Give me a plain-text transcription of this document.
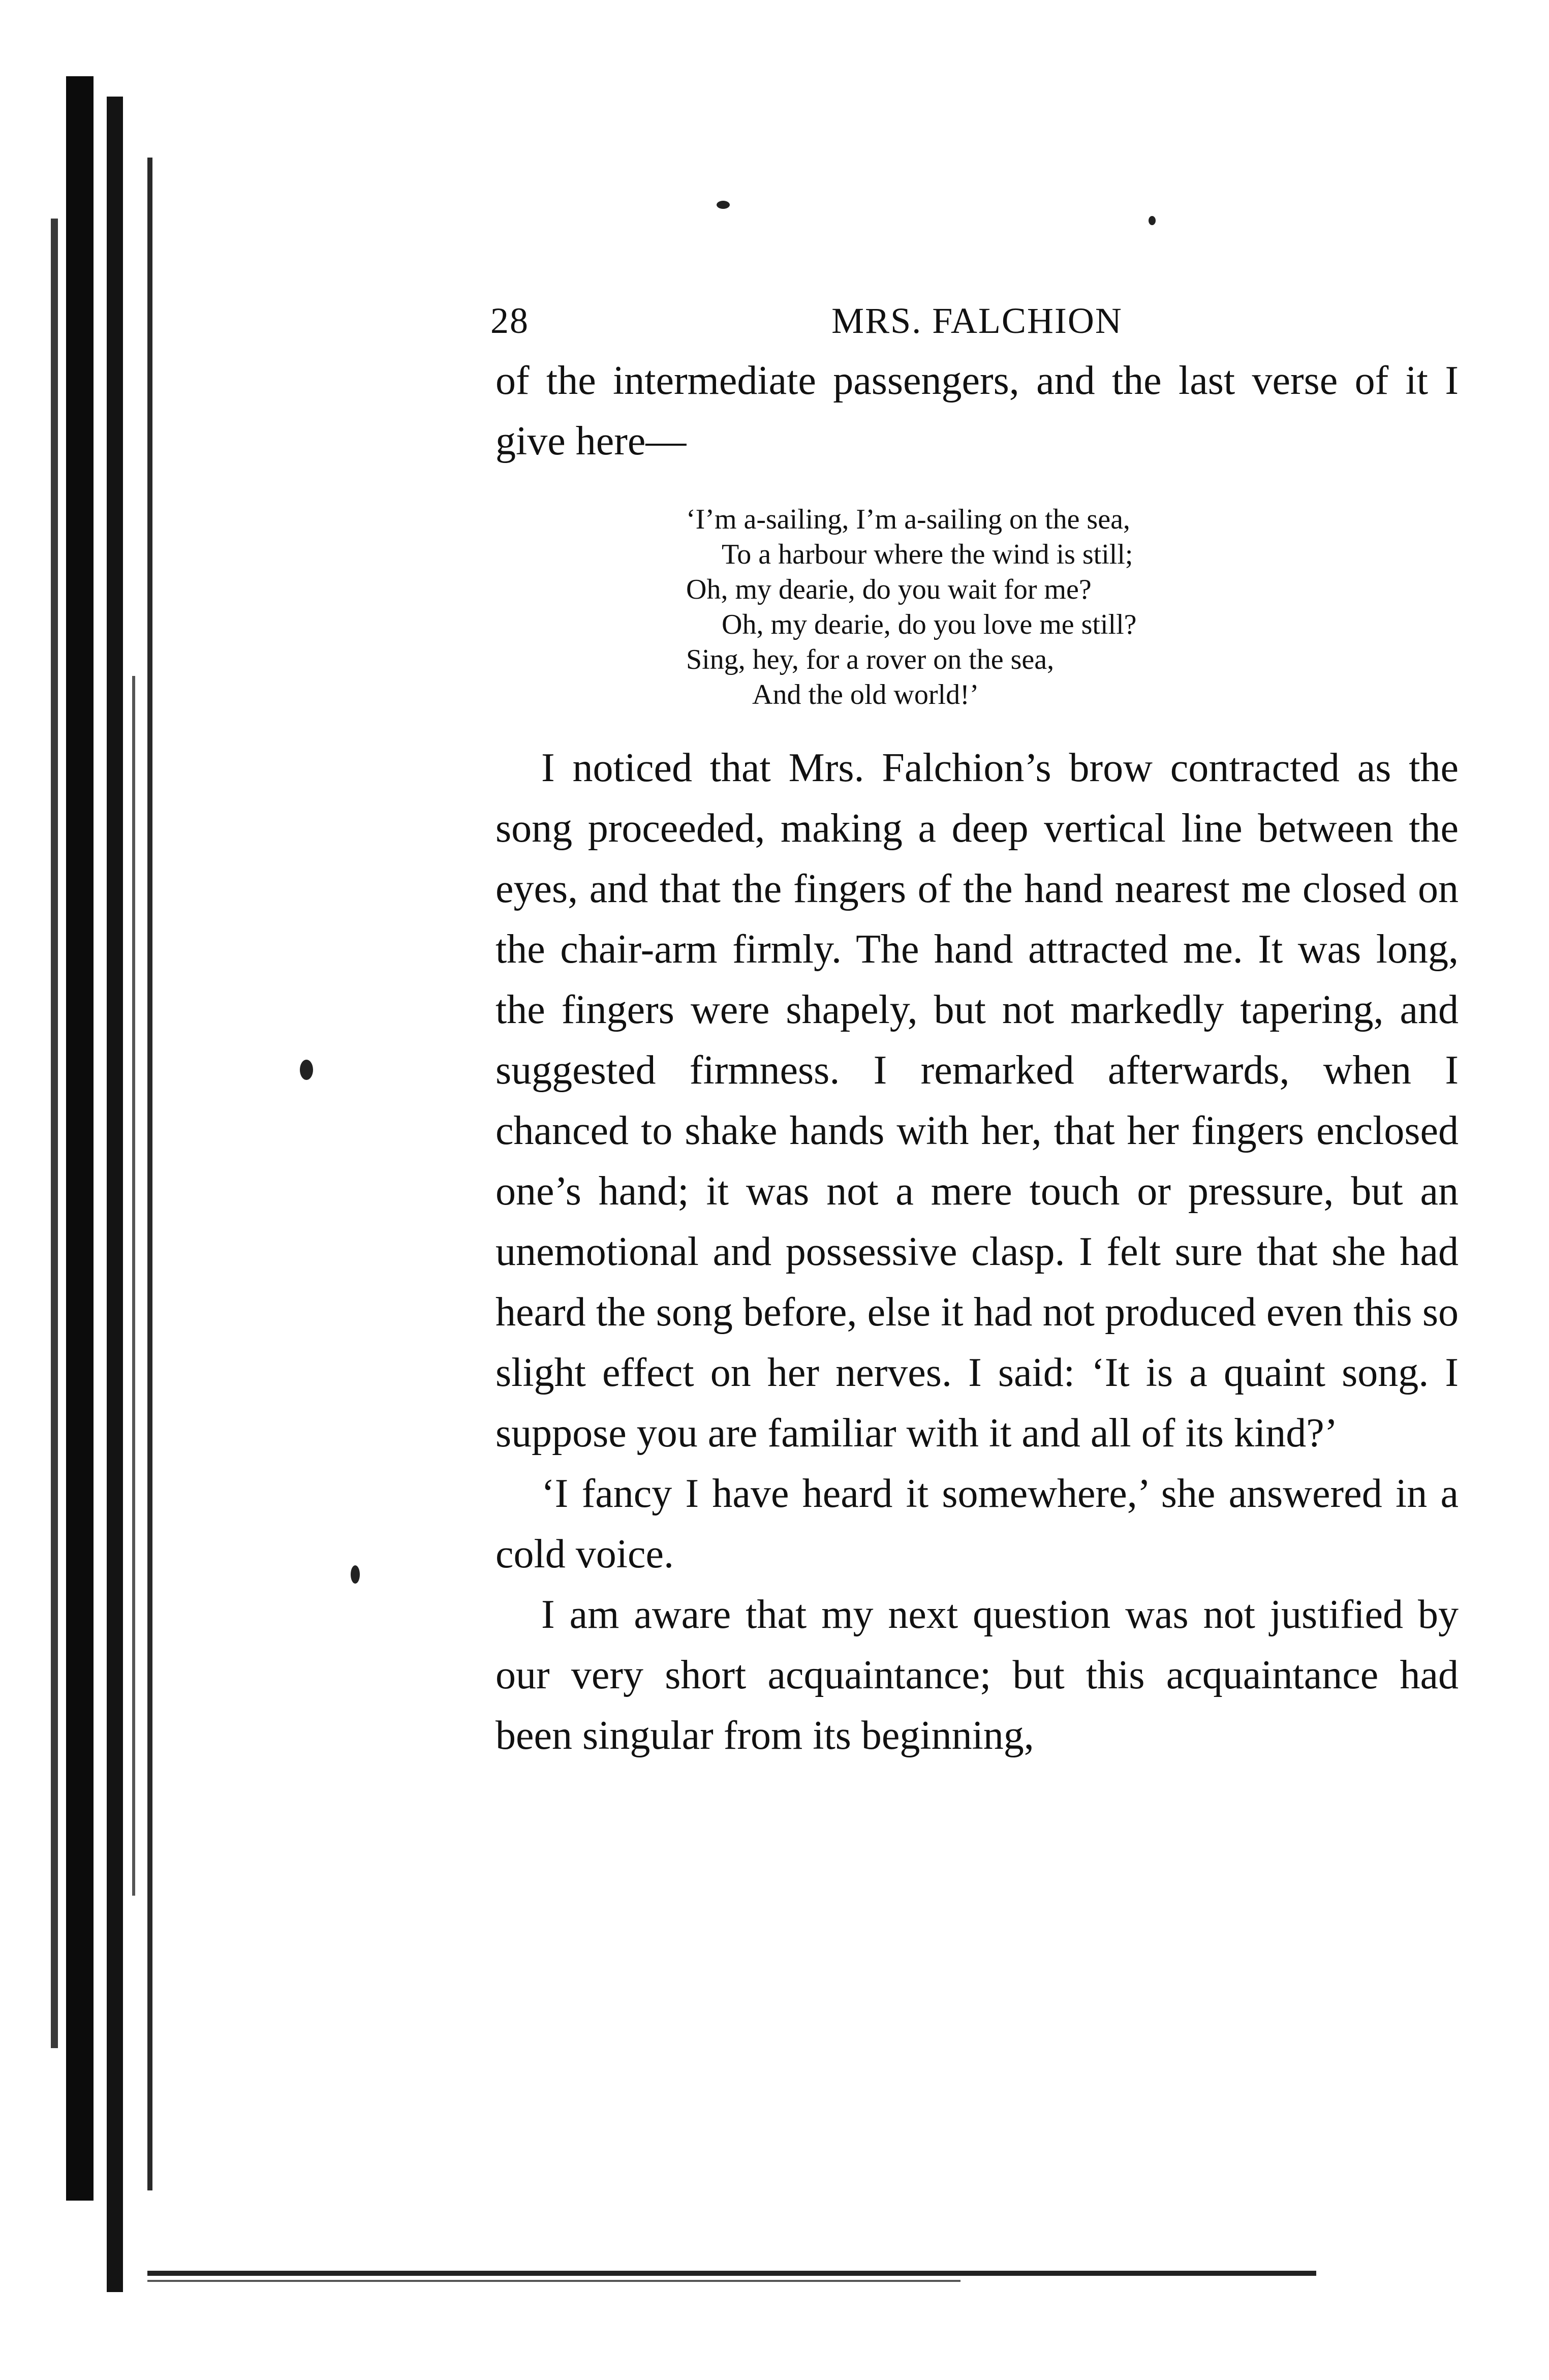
28	MRS. FALCHION

of the intermediate passengers, and the last verse of it I give here—

‘I’m a-sailing, I’m a-sailing on the sea,
To a harbour where the wind is still;
Oh, my dearie, do you wait for me?
Oh, my dearie, do you love me still?
Sing, hey, for a rover on the sea,
And the old world!’

I noticed that Mrs. Falchion’s brow contracted as the song proceeded, making a deep vertical line between the eyes, and that the fingers of the hand nearest me closed on the chair-arm firmly. The hand attracted me. It was long, the fingers were shapely, but not markedly tapering, and suggested firmness. I remarked afterwards, when I chanced to shake hands with her, that her fingers enclosed one’s hand; it was not a mere touch or pressure, but an unemotional and possessive clasp. I felt sure that she had heard the song before, else it had not produced even this so slight effect on her nerves. I said: ‘It is a quaint song. I suppose you are familiar with it and all of its kind?’

‘I fancy I have heard it somewhere,’ she answered in a cold voice.

I am aware that my next question was not justified by our very short acquaintance; but this acquaintance had been singular from its beginning,
